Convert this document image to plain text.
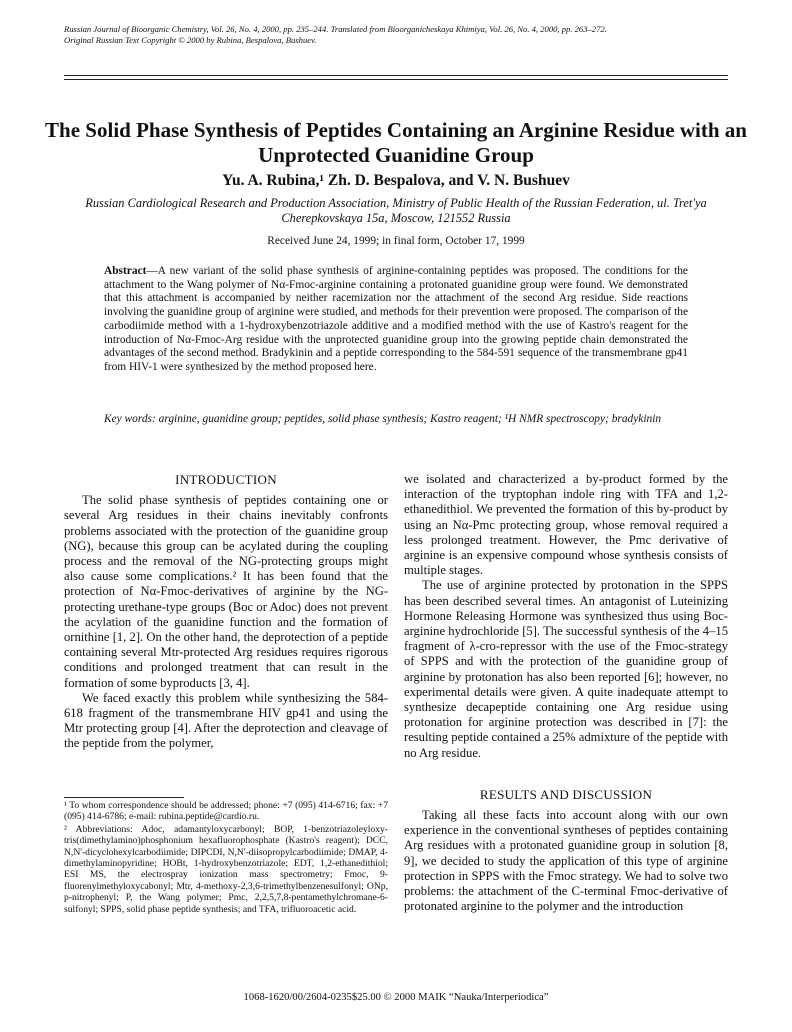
Russian Journal of Bioorganic Chemistry, Vol. 26, No. 4, 2000, pp. 235–244. Translated from Bioorganicheskaya Khimiya, Vol. 26, No. 4, 2000, pp. 263–272.
Original Russian Text Copyright © 2000 by Rubina, Bespalova, Bushuev.
The Solid Phase Synthesis of Peptides Containing an Arginine Residue with an Unprotected Guanidine Group
Yu. A. Rubina,¹ Zh. D. Bespalova, and V. N. Bushuev
Russian Cardiological Research and Production Association, Ministry of Public Health of the Russian Federation, ul. Tret'ya Cherepkovskaya 15a, Moscow, 121552 Russia
Received June 24, 1999; in final form, October 17, 1999
Abstract—A new variant of the solid phase synthesis of arginine-containing peptides was proposed. The conditions for the attachment to the Wang polymer of Nα-Fmoc-arginine containing a protonated guanidine group were found. We demonstrated that this attachment is accompanied by neither racemization nor the attachment of the second Arg residue. Side reactions involving the guanidine group of arginine were studied, and methods for their prevention were proposed. The comparison of the carbodiimide method with a 1-hydroxybenzotriazole additive and a modified method with the use of Kastro's reagent for the introduction of Nα-Fmoc-Arg residue with the unprotected guanidine group into the growing peptide chain demonstrated the advantages of the second method. Bradykinin and a peptide corresponding to the 584-591 sequence of the transmembrane gp41 from HIV-1 were synthesized by the method proposed here.
Key words: arginine, guanidine group; peptides, solid phase synthesis; Kastro reagent; ¹H NMR spectroscopy; bradykinin
INTRODUCTION

The solid phase synthesis of peptides containing one or several Arg residues in their chains inevitably confronts problems associated with the protection of the guanidine group (NG), because this group can be acylated during the coupling process and the removal of the NG-protecting groups might also cause some complications.² It has been found that the protection of Nα-Fmoc-derivatives of arginine by the NG-protecting urethane-type groups (Boc or Adoc) does not prevent the acylation of the guanidine function and the formation of ornithine [1, 2]. On the other hand, the deprotection of a peptide containing several Mtr-protected Arg residues requires rigorous conditions and prolonged treatment that can result in the formation of some byproducts [3, 4].

We faced exactly this problem while synthesizing the 584-618 fragment of the transmembrane HIV gp41 and using the Mtr protecting group [4]. After the deprotection and cleavage of the peptide from the polymer,

we isolated and characterized a by-product formed by the interaction of the tryptophan indole ring with TFA and 1,2-ethanedithiol. We prevented the formation of this by-product by using an Nα-Pmc protecting group, whose removal required a less prolonged treatment. However, the Pmc derivative of arginine is an expensive compound whose synthesis consists of multiple stages.

The use of arginine protected by protonation in the SPPS has been described several times. An antagonist of Luteinizing Hormone Releasing Hormone was synthesized thus using Boc-arginine hydrochloride [5]. The successful synthesis of the 4–15 fragment of λ-cro-repressor with the use of the Fmoc-strategy of SPPS and with the protection of the guanidine group of arginine by protonation has also been reported [6]; however, no experimental details were given. A quite inadequate attempt to synthesize decapeptide containing one Arg residue using protonation for arginine protection was described in [7]: the resulting peptide contained a 25% admixture of the peptide with no Arg residue.

RESULTS AND DISCUSSION

Taking all these facts into account along with our own experience in the conventional syntheses of peptides containing Arg residues with a protonated guanidine group in solution [8, 9], we decided to study the application of this type of arginine protection in SPPS with the Fmoc strategy. We had to solve two problems: the attachment of the C-terminal Fmoc-derivative of protonated arginine to the polymer and the introduction

¹ To whom correspondence should be addressed; phone: +7 (095) 414-6716; fax: +7 (095) 414-6786; e-mail: rubina.peptide@cardio.ru.

² Abbreviations: Adoc, adamantyloxycarbonyl; BOP, 1-benzotriazoleyloxy-tris(dimethylamino)phosphonium hexafluorophosphate (Kastro's reagent); DCC, N,N'-dicyclohexylcarbodiimide; DIPCDI, N,N'-diisopropylcarbodiimide; DMAP, 4-dimethylaminopyridine; HOBt, 1-hydroxybenzotriazole; EDT, 1,2-ethanedithiol; ESI MS, the electrospray ionization mass spectrometry; Fmoc, 9-fluorenylmethyloxycabonyl; Mtr, 4-methoxy-2,3,6-trimethylbenzenesulfonyl; ONp, p-nitrophenyl; P, the Wang polymer; Pmc, 2,2,5,7,8-pentamethylchromane-6-sulfonyl; SPPS, solid phase peptide synthesis; and TFA, trifluoroacetic acid.

1068-1620/00/2604-0235$25.00 © 2000 MAIK “Nauka/Interperiodica”
